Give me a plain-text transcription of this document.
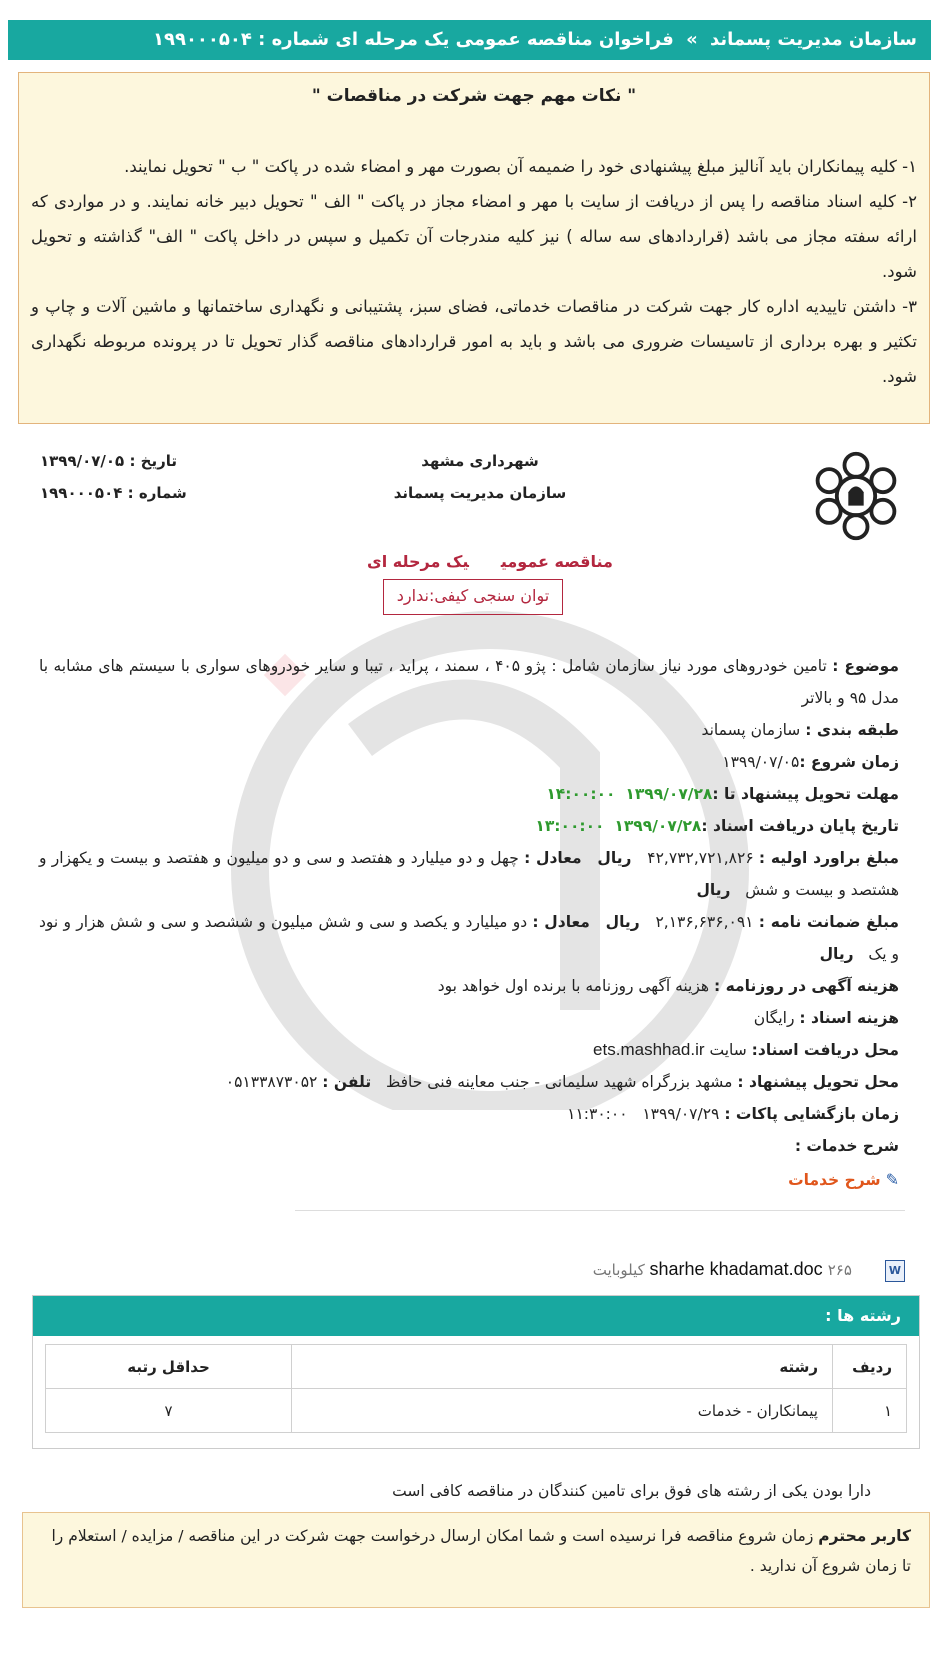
سازمان مدیریت پسماند » فراخوان مناقصه عمومی یک مرحله ای شماره : ۱۹۹۰۰۰۵۰۴
" نکات مهم جهت شرکت در مناقصات "
۱- کلیه پیمانکاران باید آنالیز مبلغ پیشنهادی خود را ضمیمه آن بصورت مهر و امضاء شده در پاکت " ب " تحویل نمایند.
۲- کلیه اسناد مناقصه را پس از دریافت از سایت با مهر و امضاء مجاز در پاکت " الف " تحویل دبیر خانه نمایند. و در مواردی که ارائه سفته مجاز می باشد (قراردادهای سه ساله ) نیز کلیه مندرجات آن تکمیل و سپس در داخل پاکت " الف" گذاشته و تحویل شود.
۳- داشتن تاییدیه اداره کار جهت شرکت در مناقصات خدماتی، فضای سبز، پشتیبانی و نگهداری ساختمانها و ماشین آلات و چاپ و تکثیر و بهره برداری از تاسیسات ضروری می باشد و باید به امور قراردادهای مناقصه گذار تحویل تا در پرونده مربوطه نگهداری شود.
تاریخ : ۱۳۹۹/۰۷/۰۵
شماره : ۱۹۹۰۰۰۵۰۴
شهرداری مشهد
سازمان مدیریت پسماند
مناقصه عمومییک مرحله ای
توان سنجی کیفی:ندارد
موضوع : تامین خودروهای مورد نیاز سازمان شامل : پژو ۴۰۵ ، سمند ، پراید ، تیبا و سایر خودروهای سواری با سیستم های مشابه با مدل ۹۵ و بالاتر
طبقه بندی : سازمان پسماند
زمان شروع :۱۳۹۹/۰۷/۰۵
مهلت تحویل پیشنهاد تا :۱۳۹۹/۰۷/۲۸  ۱۴:۰۰:۰۰
تاریخ پایان دریافت اسناد :۱۳۹۹/۰۷/۲۸  ۱۳:۰۰:۰۰
مبلغ براورد اولیه : ۴۲,۷۳۲,۷۲۱,۸۲۶   ریال   معادل : چهل و دو میلیارد و هفتصد و سی و دو میلیون و هفتصد و بیست و یکهزار و هشتصد و بیست و شش   ریال
مبلغ ضمانت نامه : ۲,۱۳۶,۶۳۶,۰۹۱   ریال   معادل : دو میلیارد و یکصد و سی و شش میلیون و ششصد و سی و شش هزار و نود و یک   ریال
هزینه آگهی در روزنامه : هزینه آگهی روزنامه با برنده اول خواهد بود
هزینه اسناد : رایگان
محل دریافت اسناد: سایت ets.mashhad.ir
محل تحویل پیشنهاد : مشهد بزرگراه شهید سلیمانی - جنب معاینه فنی حافظ   تلفن : ۰۵۱۳۳۸۷۳۰۵۲
زمان بازگشایی پاکات : ۱۳۹۹/۰۷/۲۹   ۱۱:۳۰:۰۰
شرح خدمات :
✎ شرح خدمات
W sharhe khadamat.doc ۲۶۵ کیلوبایت
رشته ها :
ردیف	رشته	حداقل رتبه
۱	پیمانکاران - خدمات	۷
دارا بودن یکی از رشته های فوق برای تامین کنندگان در مناقصه کافی است
کاربر محترم زمان شروع مناقصه فرا نرسیده است و شما امکان ارسال درخواست جهت شرکت در این مناقصه / مزایده / استعلام را تا زمان شروع آن ندارید .
